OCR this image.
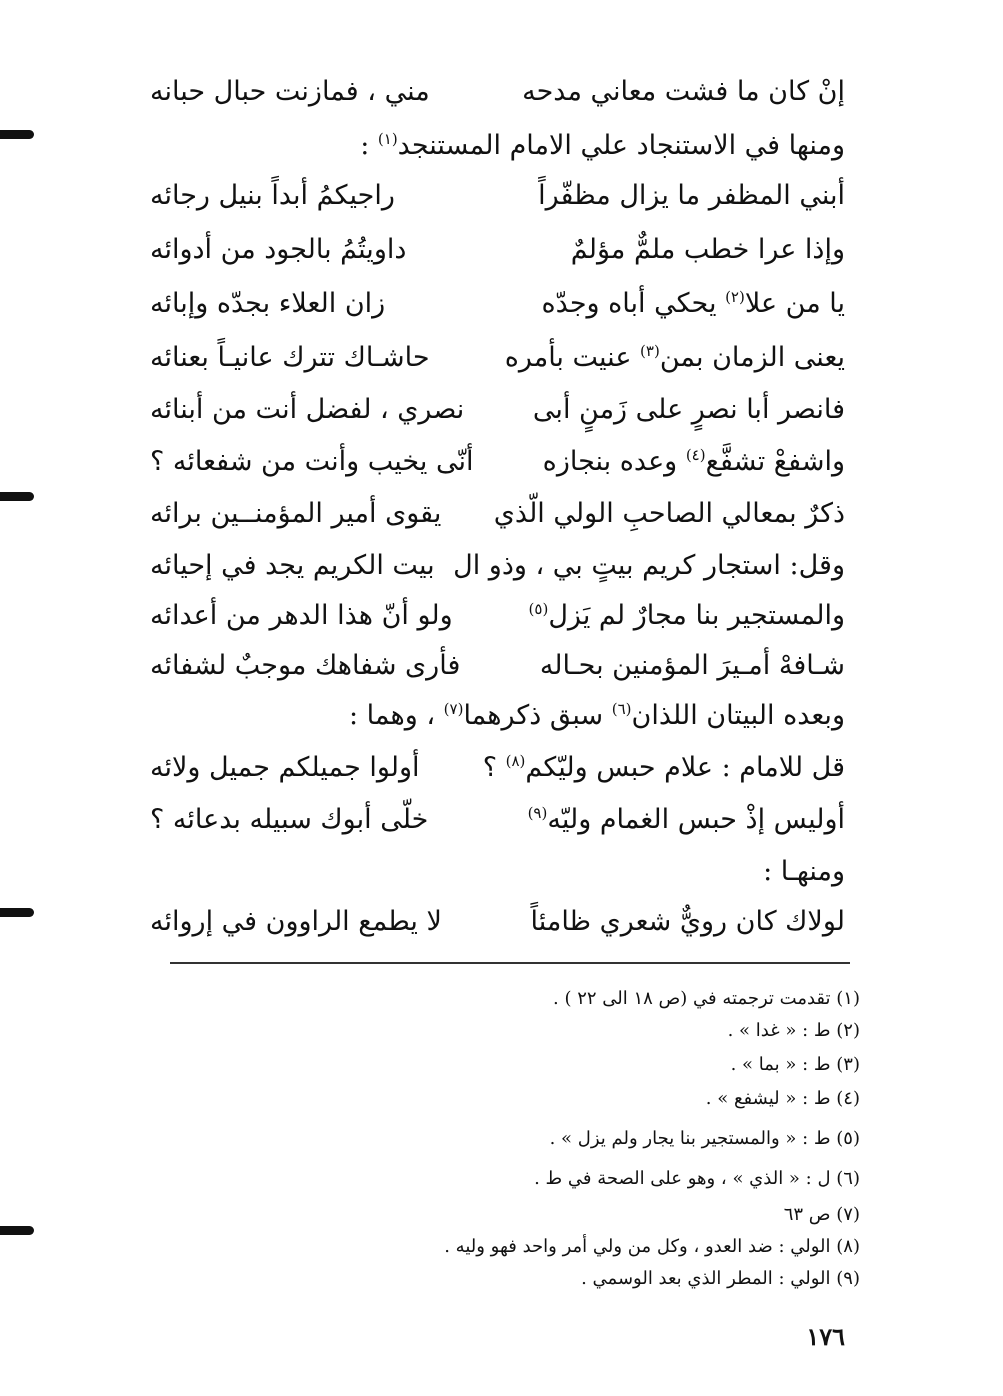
إنْ كان ما فشت معاني مدحه
مني ، فمازنت حبال حبانه
ومنها في الاستنجاد علي الامام المستنجد$^{(١)}$ :
أبني المظفر ما يزال مظفّراً
راجيكمُ أبداً بنيل رجائه
وإذا عرا خطب ملمٌّ مؤلمٌ
داويتُمُ بالجود من أدوائه
يا من علا$^{(٢)}$ يحكي أباه وجدّه
زان العلاء بجدّه وإبائه
يعنى الزمان بمن$^{(٣)}$ عنيت بأمره
حاشـاك تترك عانيـاً بعنائه
فانصر أبا نصرٍ على زَمنٍ أبى
نصري ، لفضل أنت من أبنائه
واشفعْ تشفَّع$^{(٤)}$ وعده بنجازه
أنّى يخيب وأنت من شفعائه ؟
ذكرٌ بمعالي الصاحبِ الولي الّذي
يقوى أمير المؤمنــين برائه
وقل: استجار كريم بيتٍ بي ، وذو ال
بيت الكريم يجد في إحيائه
والمستجير بنا مجارٌ لم يَزل$^{(٥)}$
ولو أنّ هذا الدهر من أعدائه
شـافهْ أمـيرَ المؤمنين بحـاله
فأرى شفاهك موجبٌ لشفائه
وبعده البيتان اللذان$^{(٦)}$ سبق ذكرهما$^{(٧)}$ ، وهما :
قل للامام : علام حبس وليّكم$^{(٨)}$ ؟
أولوا جميلكم جميل ولائه
أوليس إذْ حبس الغمام وليّه$^{(٩)}$
خلّى أبوك سبيله بدعائه ؟
ومنهـا :
لولاك كان رويٌّ شعري ظامئاً
لا يطمع الراوون في إروائه
(١) تقدمت ترجمته في (ص ١٨ الى ٢٢ ) .
(٢) ط : « غدا » .
(٣) ط : « بما » .
(٤) ط : « ليشفع » .
(٥) ط : « والمستجير بنا يجار ولم يزل » .
(٦) ل : « الذي » ، وهو على الصحة في ط .
(٧) ص ٦٣
(٨) الولي : ضد العدو ، وكل من ولي أمر واحد فهو وليه .
(٩) الولي : المطر الذي بعد الوسمي .
١٧٦
